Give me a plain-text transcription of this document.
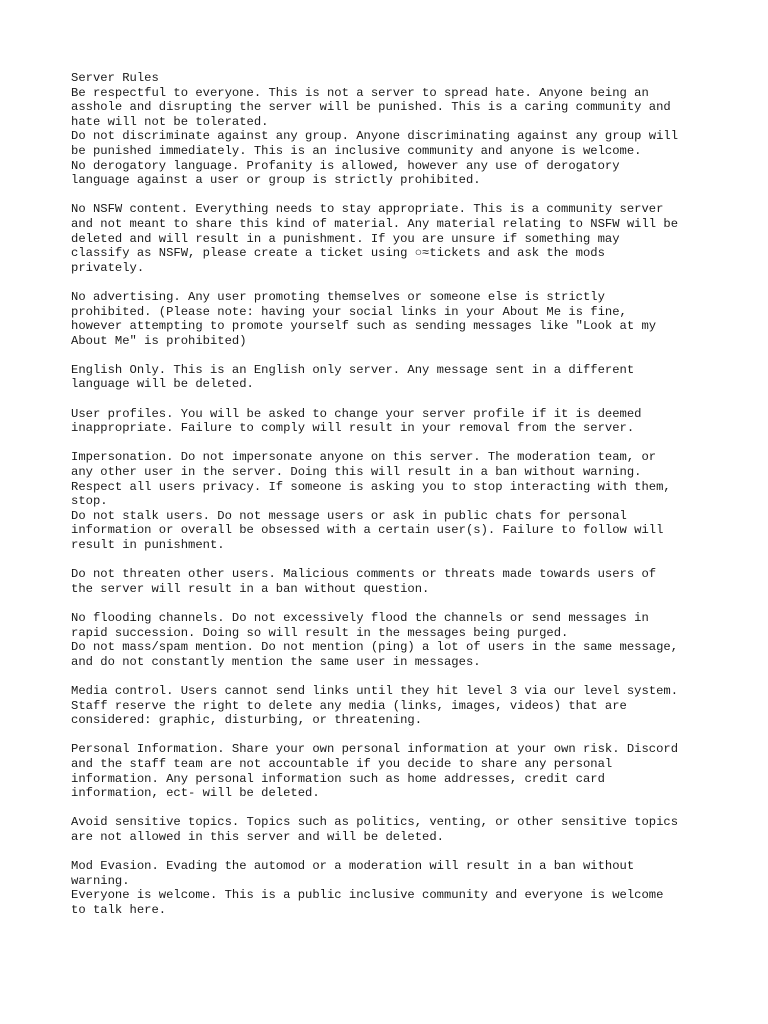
Server Rules
Be respectful to everyone. This is not a server to spread hate. Anyone being an
asshole and disrupting the server will be punished. This is a caring community and
hate will not be tolerated.
Do not discriminate against any group. Anyone discriminating against any group will
be punished immediately. This is an inclusive community and anyone is welcome.
No derogatory language. Profanity is allowed, however any use of derogatory
language against a user or group is strictly prohibited.
No NSFW content. Everything needs to stay appropriate. This is a community server
and not meant to share this kind of material. Any material relating to NSFW will be
deleted and will result in a punishment. If you are unsure if something may
classify as NSFW, please create a ticket using ○≈tickets and ask the mods
privately.
No advertising. Any user promoting themselves or someone else is strictly
prohibited. (Please note: having your social links in your About Me is fine,
however attempting to promote yourself such as sending messages like "Look at my
About Me" is prohibited)
English Only. This is an English only server. Any message sent in a different
language will be deleted.
User profiles. You will be asked to change your server profile if it is deemed
inappropriate. Failure to comply will result in your removal from the server.
Impersonation. Do not impersonate anyone on this server. The moderation team, or
any other user in the server. Doing this will result in a ban without warning.
Respect all users privacy. If someone is asking you to stop interacting with them,
stop.
Do not stalk users. Do not message users or ask in public chats for personal
information or overall be obsessed with a certain user(s). Failure to follow will
result in punishment.
Do not threaten other users. Malicious comments or threats made towards users of
the server will result in a ban without question.
No flooding channels. Do not excessively flood the channels or send messages in
rapid succession. Doing so will result in the messages being purged.
Do not mass/spam mention. Do not mention (ping) a lot of users in the same message,
and do not constantly mention the same user in messages.
Media control. Users cannot send links until they hit level 3 via our level system.
Staff reserve the right to delete any media (links, images, videos) that are
considered: graphic, disturbing, or threatening.
Personal Information. Share your own personal information at your own risk. Discord
and the staff team are not accountable if you decide to share any personal
information. Any personal information such as home addresses, credit card
information, ect- will be deleted.
Avoid sensitive topics. Topics such as politics, venting, or other sensitive topics
are not allowed in this server and will be deleted.
Mod Evasion. Evading the automod or a moderation will result in a ban without
warning.
Everyone is welcome. This is a public inclusive community and everyone is welcome
to talk here.
